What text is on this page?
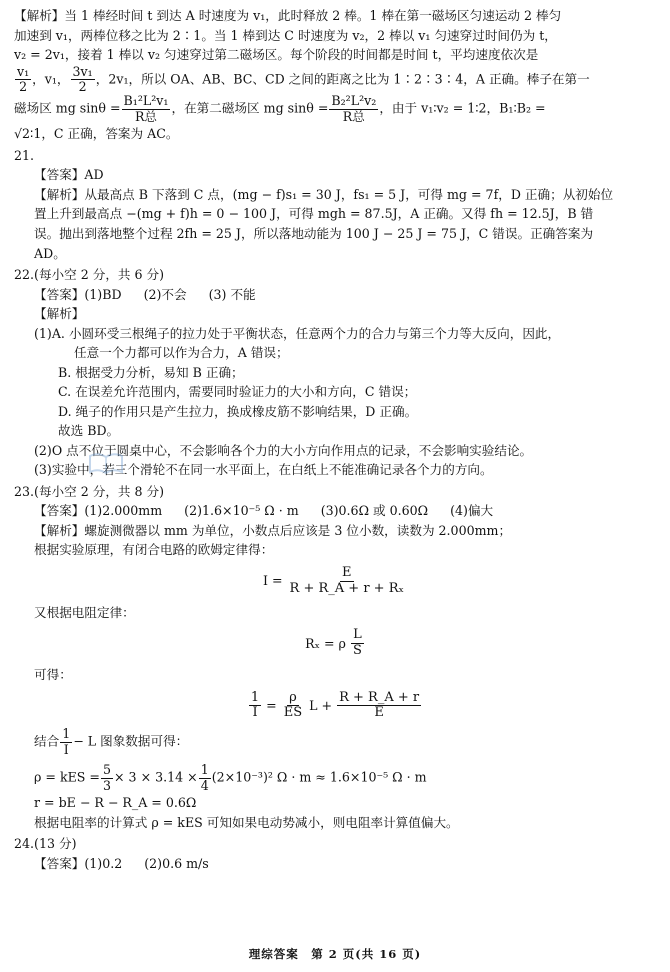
【解析】当 1 棒经时间 t 到达 A 时速度为 v₁，此时释放 2 棒。1 棒在第一磁场区匀速运动 2 棒匀

加速到 v₁，两棒位移之比为 2∶1。当 1 棒到达 C 时速度为 v₂，2 棒以 v₁ 匀速穿过时间仍为 t，

v₂ = 2v₁，接着 1 棒以 v₂ 匀速穿过第二磁场区。每个阶段的时间都是时间 t，平均速度依次是

$\frac{\text{v₁}}{2}$ ，v₁， $\frac{\text{3v₁}}{2}$ ，2v₁，所以 OA、AB、BC、CD 之间的距离之比为 1∶2∶3∶4，A 正确。棒子在第一

磁场区 mg $\sin\theta = \frac{\text{B₁²L²v₁}}{\text{R总}}$ ，在第二磁场区 mg $\sin\theta = \frac{\text{B₂²L²v₂}}{\text{R总}}$ ，由于 v₁∶v₂ = 1∶2，B₁∶B₂ =

√2∶1，C 正确，答案为 AC。

21.

【答案】AD

【解析】从最高点 B 下落到 C 点，(mg − f)s₁ = 30 J，fs₁ = 5 J，可得 mg = 7f，D 正确；从初始位

置上升到最高点 −(mg + f)h = 0 − 100 J，可得 mgh = 87.5J，A 正确。又得 fh = 12.5J，B 错

误。抛出到落地整个过程 2fh = 25 J，所以落地动能为 100 J − 25 J = 75 J，C 错误。正确答案为

AD。

22.(每小空 2 分，共 6 分)

【答案】(1)BD (2)不会 (3) 不能

【解析】

(1)A. 小圆环受三根绳子的拉力处于平衡状态，任意两个力的合力与第三个力等大反向，因此，

任意一个力都可以作为合力，A 错误；

B. 根据受力分析，易知 B 正确；

C. 在误差允许范围内，需要同时验证力的大小和方向，C 错误；

D. 绳子的作用只是产生拉力，换成橡皮筋不影响结果，D 正确。

故选 BD。

(2)O 点不位于圆桌中心，不会影响各个力的大小方向作用点的记录，不会影响实验结论。

(3)实验中，若三个滑轮不在同一水平面上，在白纸上不能准确记录各个力的方向。

23.(每小空 2 分，共 8 分)

【答案】(1)2.000mm (2)1.6×10⁻⁵ Ω · m (3)0.6Ω 或 0.60Ω (4)偏大

【解析】螺旋测微器以 mm 为单位，小数点后应该是 3 位小数，读数为 2.000mm；

根据实验原理，有闭合电路的欧姆定律得：

$I = \frac{E}{\text{R + R\_A + r + Rₓ}}$

又根据电阻定律：

Rₓ = ρ $\frac{L}{S}$

可得：

$\frac{1}{I} = \frac{\rho}{ES}$ $L + \frac{R + R\_A + r}{E}$

结合 $\frac{1}{I} - L$ 图象数据可得：

ρ = kES = $\frac{5}{3} \times 3 \times 3.14 \times \frac{1}{4} (2\times 10^{-3})^2$ Ω · m ≈ 1.6×10⁻⁵ Ω · m

r = bE − R − R_A = 0.6Ω

根据电阻率的计算式 ρ = kES 可知如果电动势减小，则电阻率计算值偏大。

24.(13 分)

【答案】(1)0.2 (2)0.6 m/s

理综答案　第 2 页(共 16 页)
